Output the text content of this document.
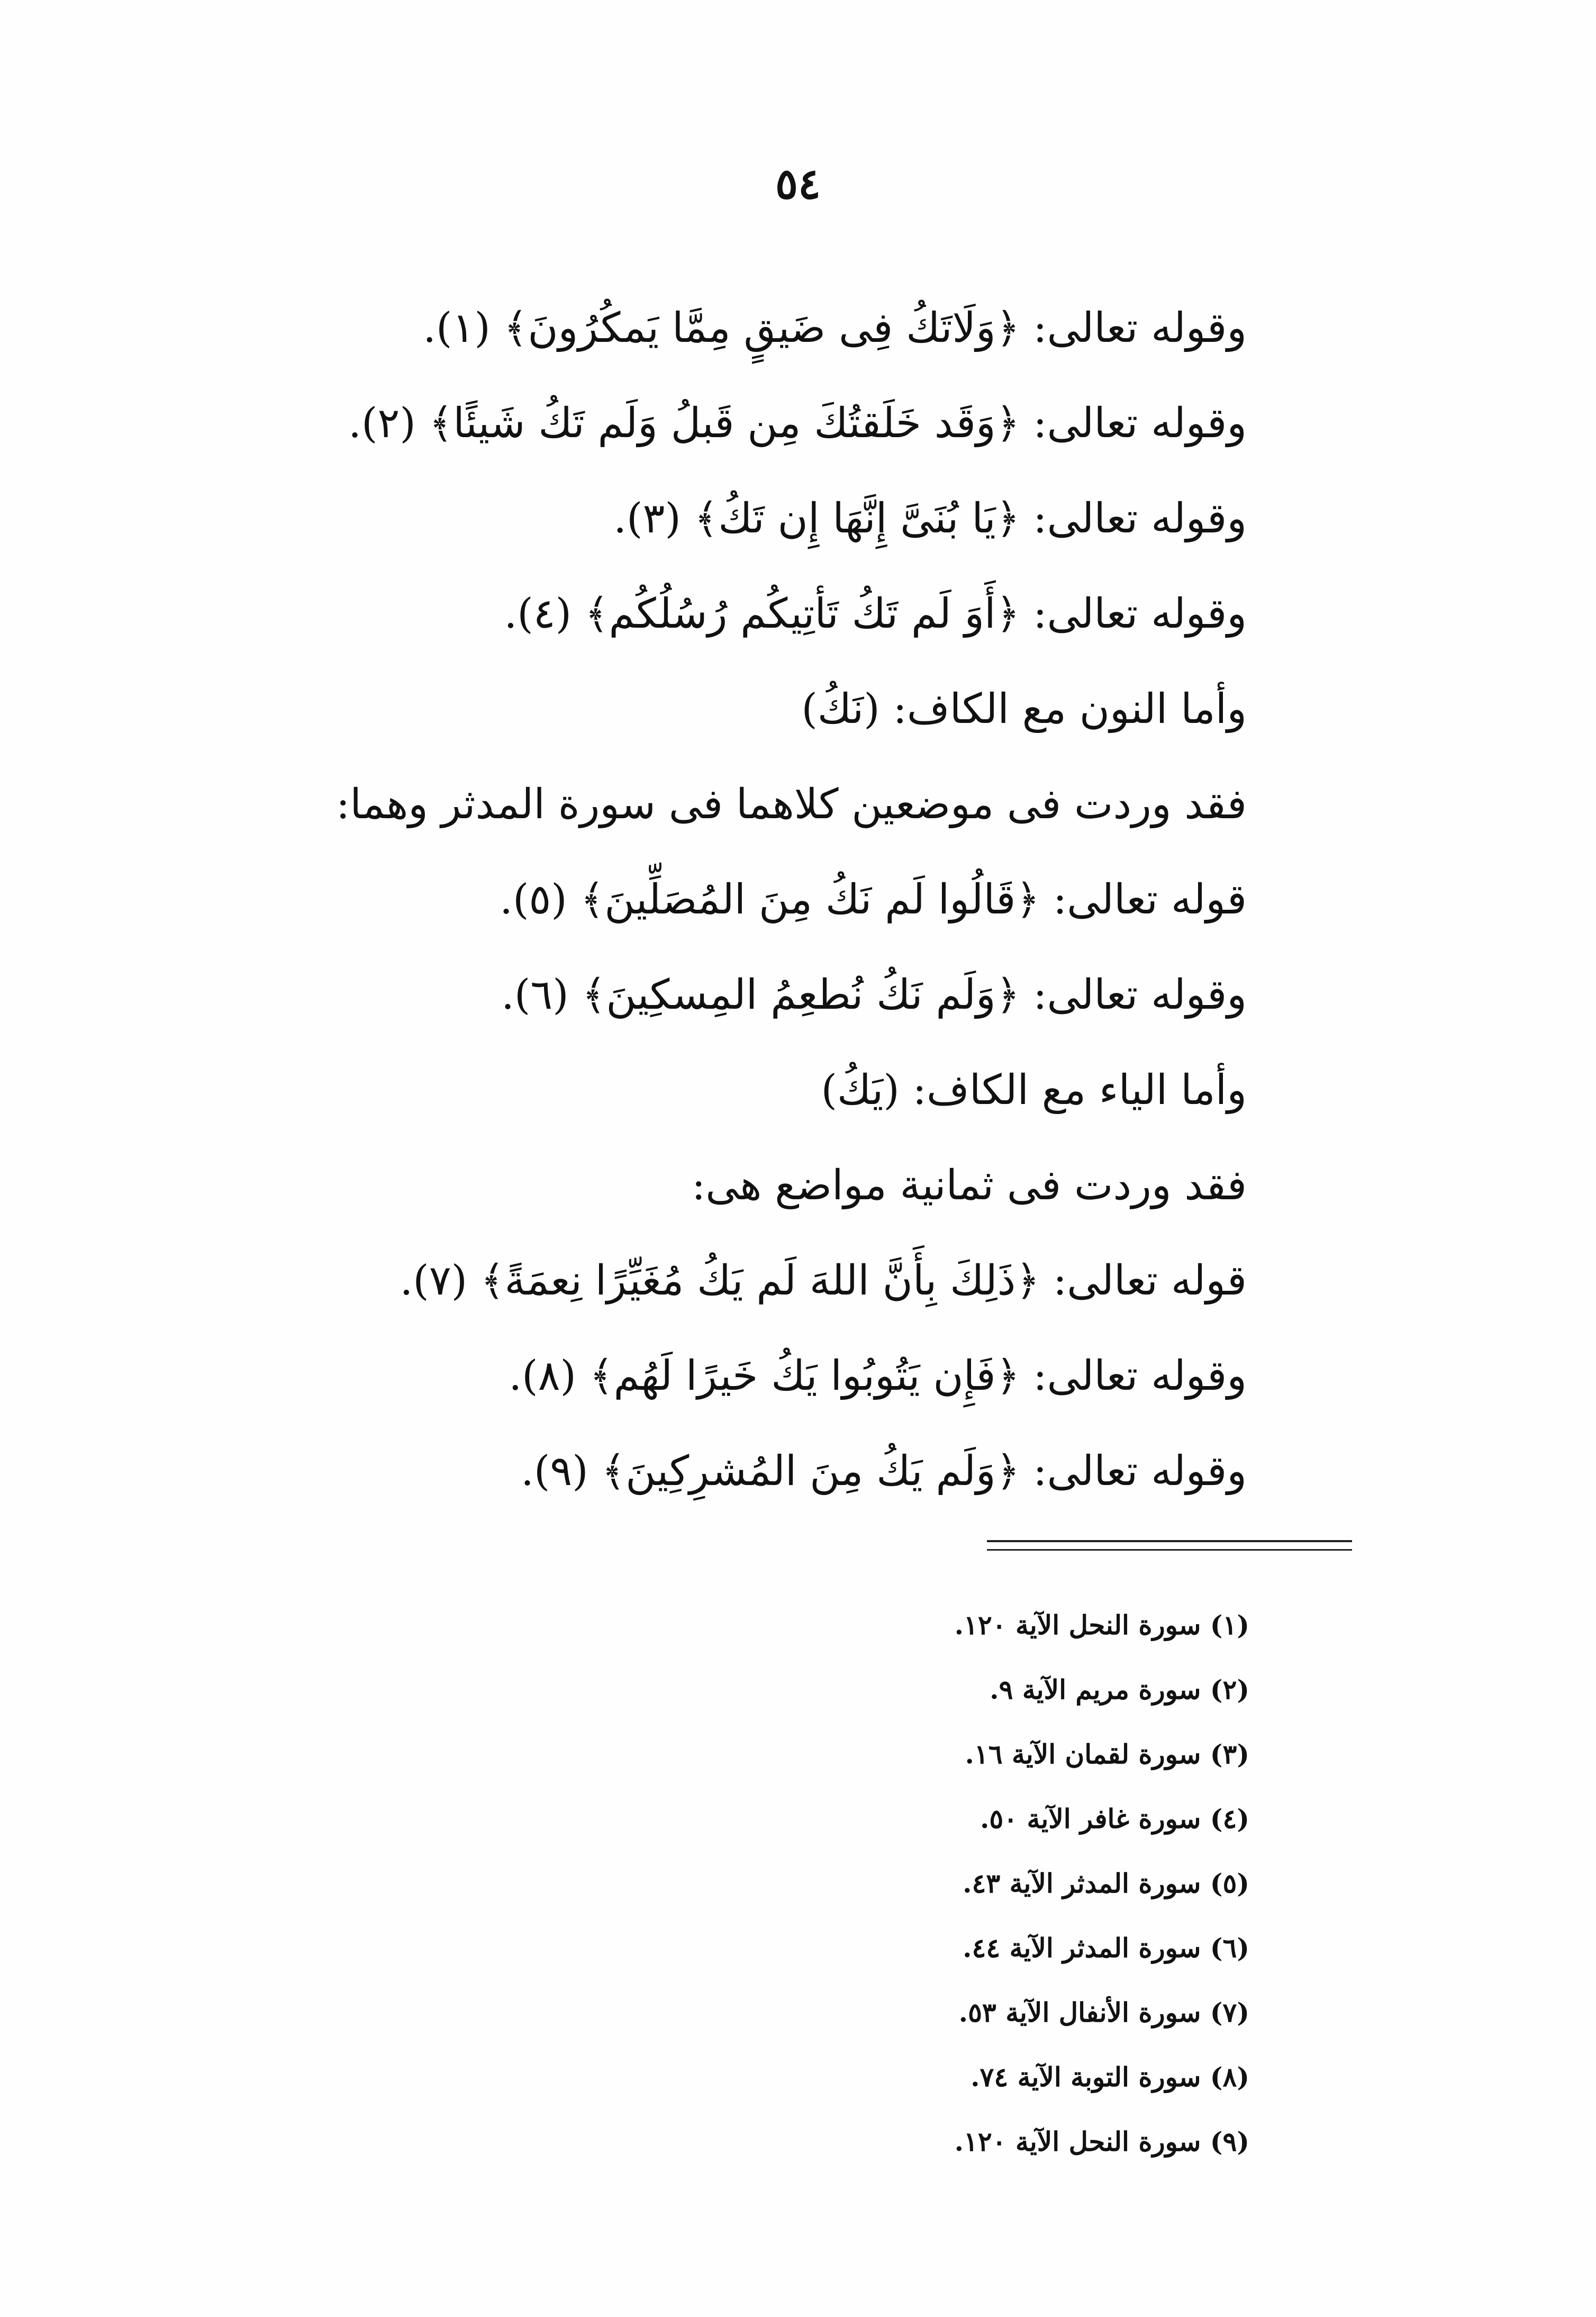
٥٤
وقوله تعالى: ﴿وَلَاتَكُ فِى ضَيقٍ مِمَّا يَمكُرُونَ﴾ (١).
وقوله تعالى: ﴿وَقَد خَلَقتُكَ مِن قَبلُ وَلَم تَكُ شَيئًا﴾ (٢).
وقوله تعالى: ﴿يَا بُنَىَّ إِنَّهَا إِن تَكُ﴾ (٣).
وقوله تعالى: ﴿أَوَ لَم تَكُ تَأتِيكُم رُسُلُكُم﴾ (٤).
وأما النون مع الكاف: (نَكُ)
فقد وردت فى موضعين كلاهما فى سورة المدثر وهما:
قوله تعالى: ﴿قَالُوا لَم نَكُ مِنَ المُصَلِّينَ﴾ (٥).
وقوله تعالى: ﴿وَلَم نَكُ نُطعِمُ المِسكِينَ﴾ (٦).
وأما الياء مع الكاف: (يَكُ)
فقد وردت فى ثمانية مواضع هى:
قوله تعالى: ﴿ذَلِكَ بِأَنَّ اللهَ لَم يَكُ مُغَيِّرًا نِعمَةً﴾ (٧).
وقوله تعالى: ﴿فَإِن يَتُوبُوا يَكُ خَيرًا لَهُم﴾ (٨).
وقوله تعالى: ﴿وَلَم يَكُ مِنَ المُشرِكِينَ﴾ (٩).
(١) سورة النحل الآية ١٢٠.
(٢) سورة مريم الآية ٩.
(٣) سورة لقمان الآية ١٦.
(٤) سورة غافر الآية ٥٠.
(٥) سورة المدثر الآية ٤٣.
(٦) سورة المدثر الآية ٤٤.
(٧) سورة الأنفال الآية ٥٣.
(٨) سورة التوبة الآية ٧٤.
(٩) سورة النحل الآية ١٢٠.
